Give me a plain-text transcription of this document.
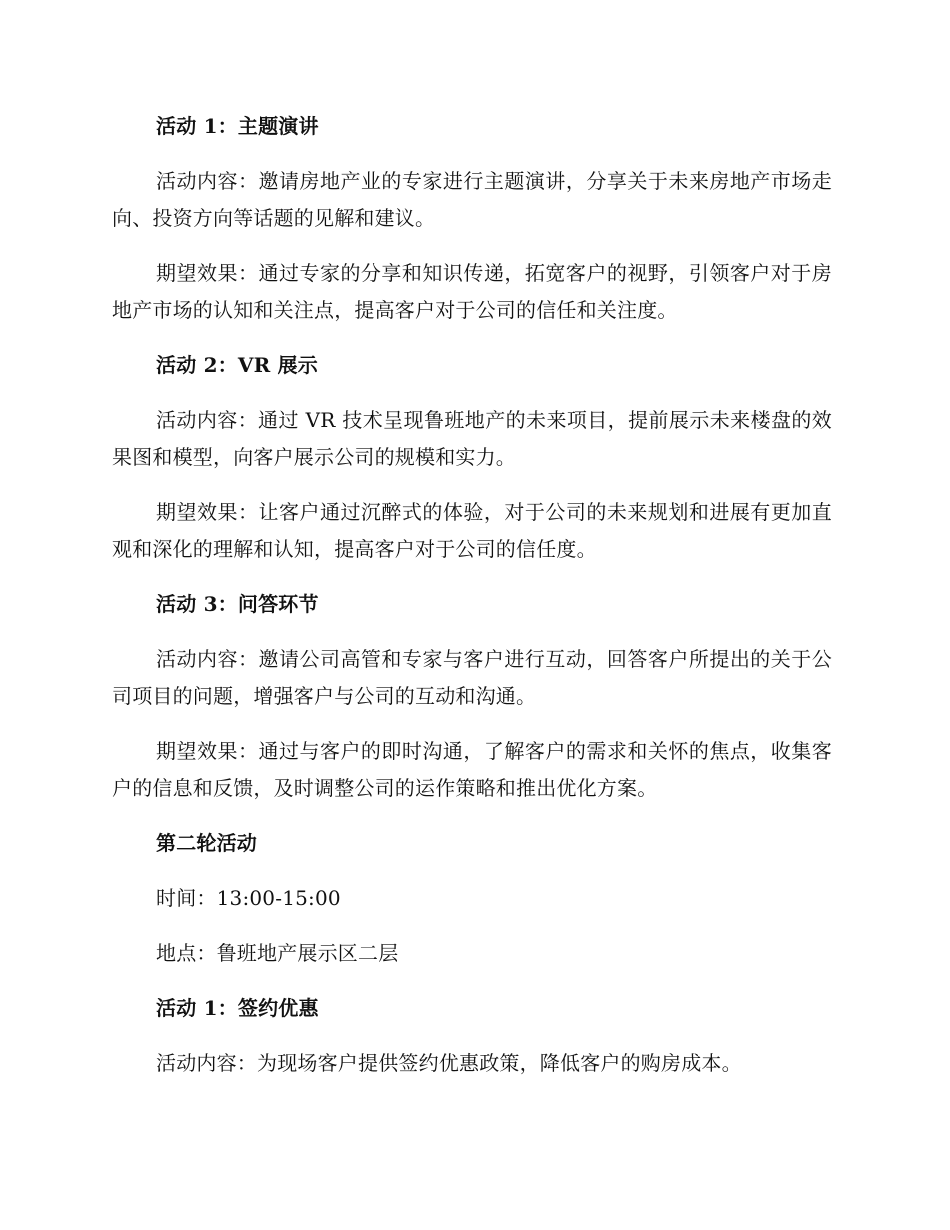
活动 1：主题演讲

活动内容：邀请房地产业的专家进行主题演讲，分享关于未来房地产市场走向、投资方向等话题的见解和建议。

期望效果：通过专家的分享和知识传递，拓宽客户的视野，引领客户对于房地产市场的认知和关注点，提高客户对于公司的信任和关注度。

活动 2：VR 展示

活动内容：通过 VR 技术呈现鲁班地产的未来项目，提前展示未来楼盘的效果图和模型，向客户展示公司的规模和实力。

期望效果：让客户通过沉醉式的体验，对于公司的未来规划和进展有更加直观和深化的理解和认知，提高客户对于公司的信任度。

活动 3：问答环节

活动内容：邀请公司高管和专家与客户进行互动，回答客户所提出的关于公司项目的问题，增强客户与公司的互动和沟通。

期望效果：通过与客户的即时沟通，了解客户的需求和关怀的焦点，收集客户的信息和反馈，及时调整公司的运作策略和推出优化方案。

第二轮活动

时间：13:00-15:00

地点：鲁班地产展示区二层

活动 1：签约优惠

活动内容：为现场客户提供签约优惠政策，降低客户的购房成本。
